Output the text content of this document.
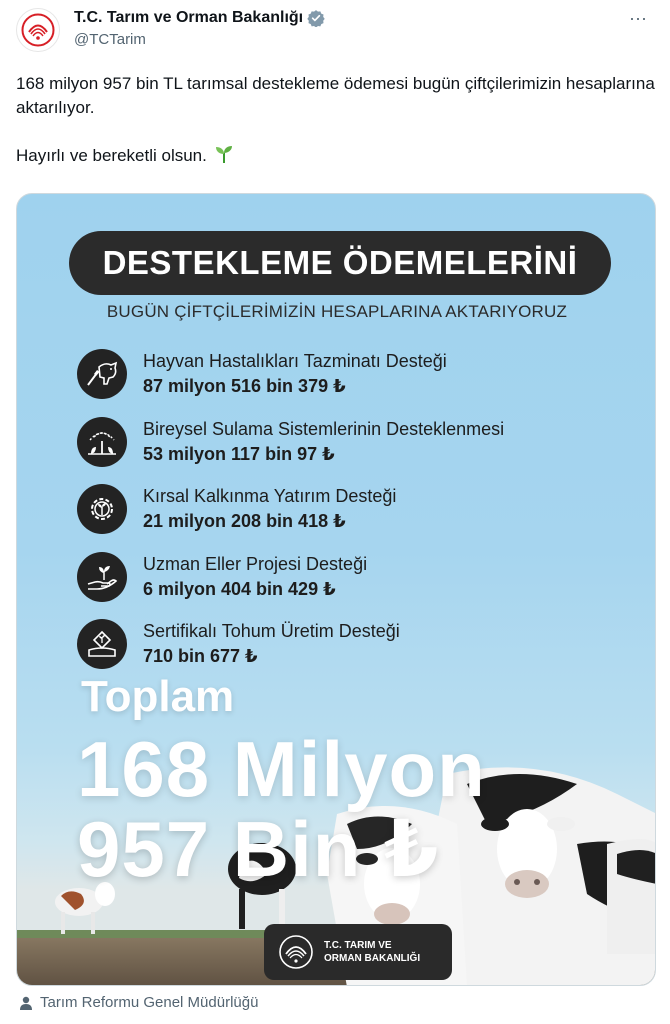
T.C. Tarım ve Orman Bakanlığı
@TCTarim
···

168 milyon 957 bin TL tarımsal destekleme ödemesi bugün çiftçilerimizin hesaplarına aktarılıyor.

Hayırlı ve bereketli olsun.
DESTEKLEME ÖDEMELERİNİ
BUGÜN ÇİFTÇİLERİMİZİN HESAPLARINA AKTARIYORUZ
Hayvan Hastalıkları Tazminatı Desteği
87 milyon 516 bin 379 ₺
Bireysel Sulama Sistemlerinin Desteklenmesi
53 milyon 117 bin 97 ₺
Kırsal Kalkınma Yatırım Desteği
21 milyon 208 bin 418 ₺
Uzman Eller Projesi Desteği
6 milyon 404 bin 429 ₺
Sertifikalı Tohum Üretim Desteği
710 bin 677 ₺
Toplam
168 Milyon
957 Bin ₺
T.C. TARIM VE
ORMAN BAKANLIĞI
Tarım Reformu Genel Müdürlüğü
